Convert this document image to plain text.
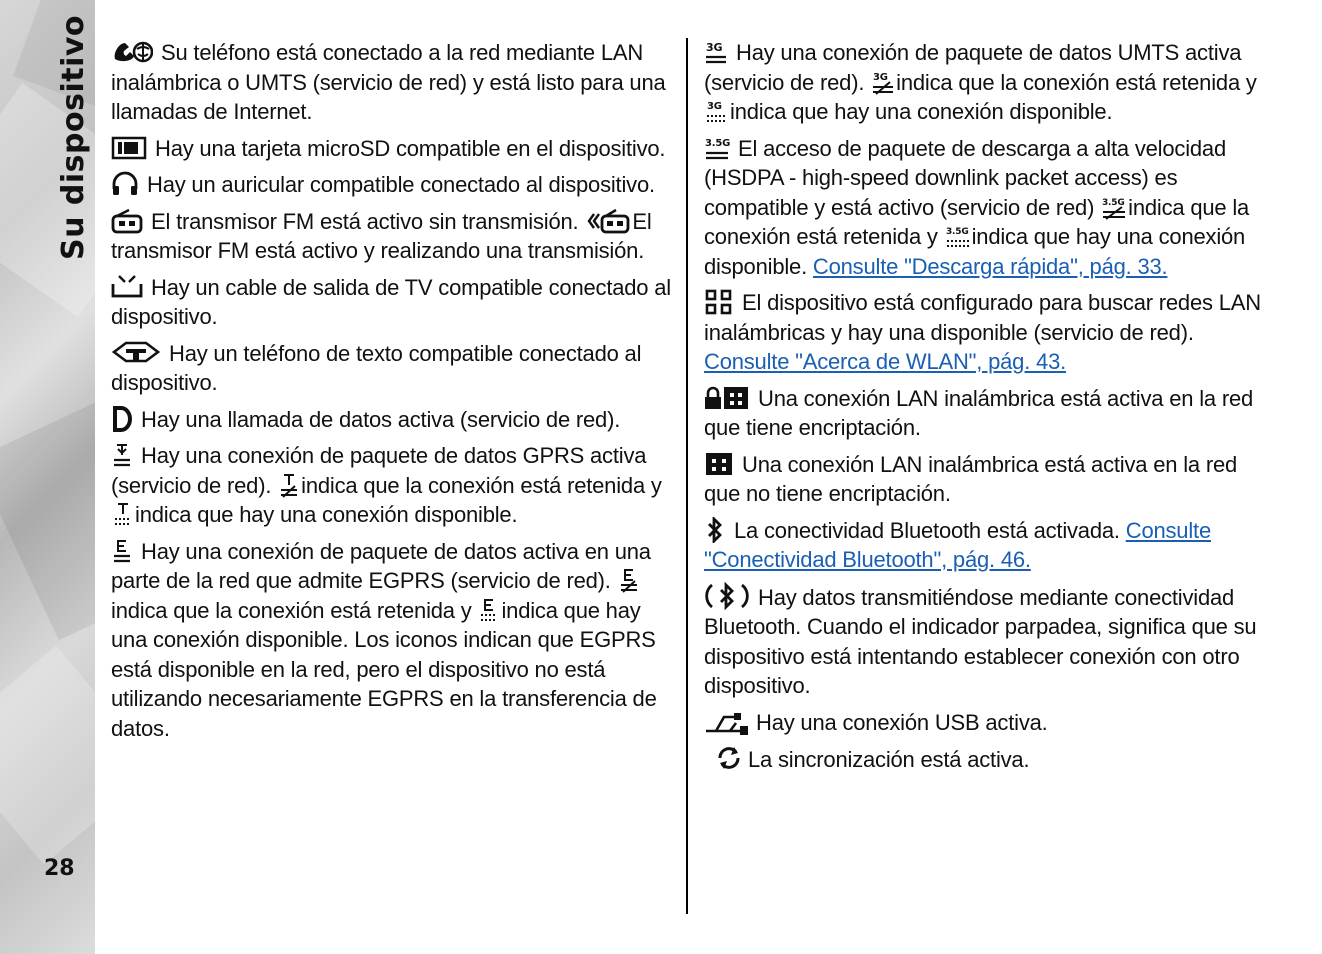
Su dispositivo
28

Su teléfono está conectado a la red mediante LAN inalámbrica o UMTS (servicio de red) y está listo para una llamadas de Internet.

Hay una tarjeta microSD compatible en el dispositivo.

Hay un auricular compatible conectado al dispositivo.

El transmisor FM está activo sin transmisión. El transmisor FM está activo y realizando una transmisión.

Hay un cable de salida de TV compatible conectado al dispositivo.

Hay un teléfono de texto compatible conectado al dispositivo.

Hay una llamada de datos activa (servicio de red).

Hay una conexión de paquete de datos GPRS activa (servicio de red). indica que la conexión está retenida y
indica que hay una conexión disponible.

Hay una conexión de paquete de datos activa en una parte de la red que admite EGPRS (servicio de red).
indica que la conexión está retenida y indica que hay una conexión disponible. Los iconos indican que EGPRS está disponible en la red, pero el dispositivo no está utilizando necesariamente EGPRS en la transferencia de datos.

3G Hay una conexión de paquete de datos UMTS activa (servicio de red). 3G indica que la conexión está retenida y
3G indica que hay una conexión disponible.

3.5G El acceso de paquete de descarga a alta velocidad (HSDPA - high-speed downlink packet access) es compatible y está activo (servicio de red) 3.5G indica que la conexión está retenida y 3.5G indica que hay una conexión disponible. Consulte "Descarga rápida", pág. 33.

El dispositivo está configurado para buscar redes LAN inalámbricas y hay una disponible (servicio de red). Consulte "Acerca de WLAN", pág. 43.

Una conexión LAN inalámbrica está activa en la red que tiene encriptación.

Una conexión LAN inalámbrica está activa en la red que no tiene encriptación.

La conectividad Bluetooth está activada. Consulte "Conectividad Bluetooth", pág. 46.

Hay datos transmitiéndose mediante conectividad Bluetooth. Cuando el indicador parpadea, significa que su dispositivo está intentando establecer conexión con otro dispositivo.

Hay una conexión USB activa.

La sincronización está activa.
